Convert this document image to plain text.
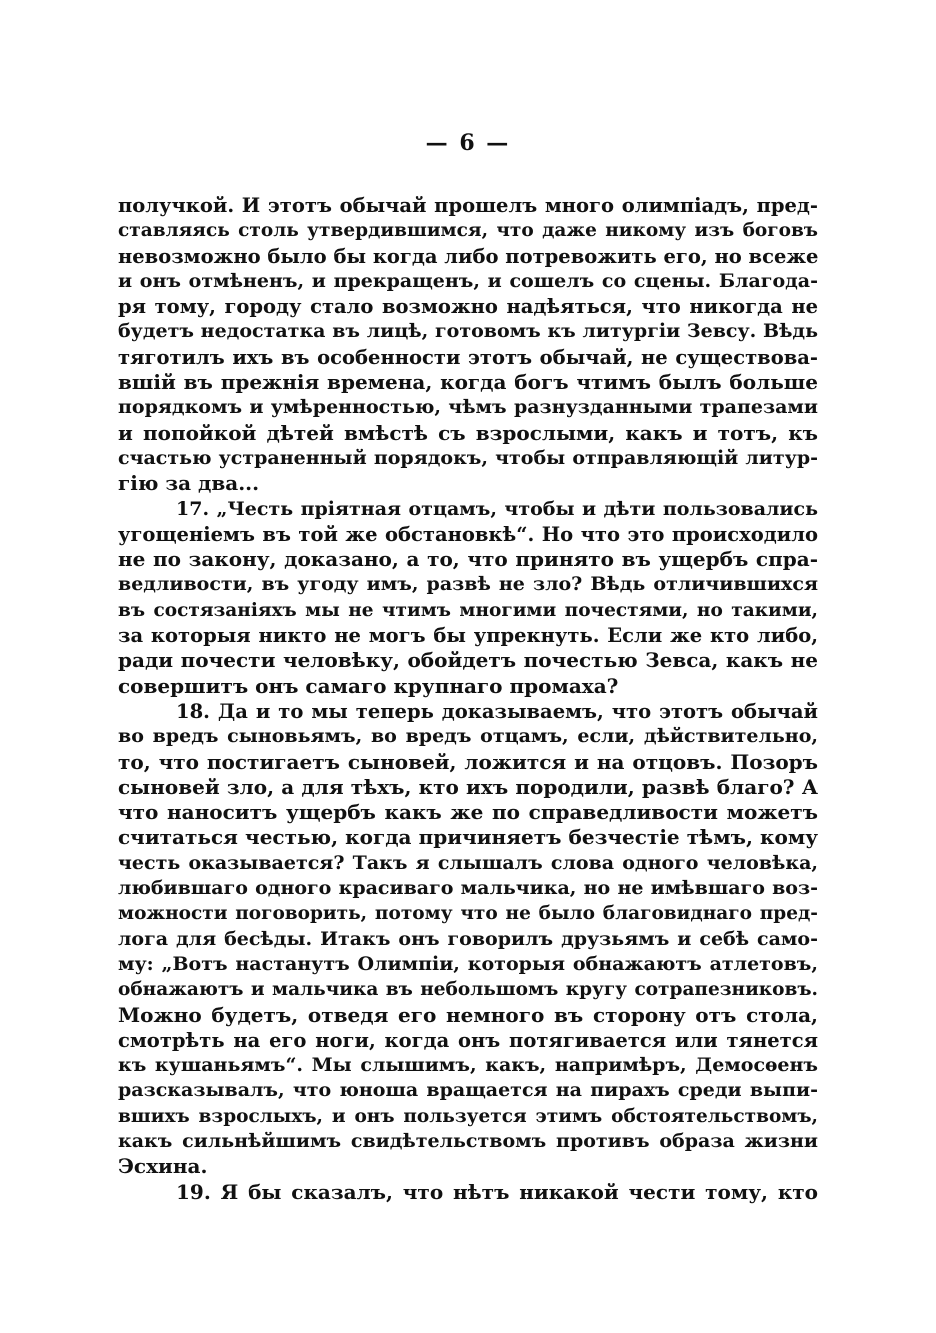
— 6 —
получкой. И этотъ обычай прошелъ много олимпіадъ, пред-
ставляясь столь утвердившимся, что даже никому изъ боговъ
невозможно было бы когда либо потревожить его, но всеже
и онъ отмѣненъ, и прекращенъ, и сошелъ со сцены. Благода-
ря тому, городу стало возможно надѣяться, что никогда не
будетъ недостатка въ лицѣ, готовомъ къ литургіи Зевсу. Вѣдь
тяготилъ ихъ въ особенности этотъ обычай, не существова-
вшій въ прежнія времена, когда богъ чтимъ былъ больше
порядкомъ и умѣренностью, чѣмъ разнузданными трапезами
и попойкой дѣтей вмѣстѣ съ взрослыми, какъ и тотъ, къ
счастью устраненный порядокъ, чтобы отправляющій литур-
гію за два...
17. „Честь пріятная отцамъ, чтобы и дѣти пользовались
угощеніемъ въ той же обстановкѣ“. Но что это происходило
не по закону, доказано, а то, что принято въ ущербъ спра-
ведливости, въ угоду имъ, развѣ не зло? Вѣдь отличившихся
въ состязаніяхъ мы не чтимъ многими почестями, но такими,
за которыя никто не могъ бы упрекнуть. Если же кто либо,
ради почести человѣку, обойдетъ почестью Зевса, какъ не
совершитъ онъ самаго крупнаго промаха?
18. Да и то мы теперь доказываемъ, что этотъ обычай
во вредъ сыновьямъ, во вредъ отцамъ, если, дѣйствительно,
то, что постигаетъ сыновей, ложится и на отцовъ. Позоръ
сыновей зло, а для тѣхъ, кто ихъ породили, развѣ благо? А
что наноситъ ущербъ какъ же по справедливости можетъ
считаться честью, когда причиняетъ безчестіе тѣмъ, кому
честь оказывается? Такъ я слышалъ слова одного человѣка,
любившаго одного красиваго мальчика, но не имѣвшаго воз-
можности поговорить, потому что не было благовиднаго пред-
лога для бесѣды. Итакъ онъ говорилъ друзьямъ и себѣ само-
му: „Вотъ настанутъ Олимпіи, которыя обнажаютъ атлетовъ,
обнажаютъ и мальчика въ небольшомъ кругу сотрапезниковъ.
Можно будетъ, отведя его немного въ сторону отъ стола,
смотрѣть на его ноги, когда онъ потягивается или тянется
къ кушаньямъ“. Мы слышимъ, какъ, напримѣръ, Демосѳенъ
разсказывалъ, что юноша вращается на пирахъ среди выпи-
вшихъ взрослыхъ, и онъ пользуется этимъ обстоятельствомъ,
какъ сильнѣйшимъ свидѣтельствомъ противъ образа жизни
Эсхина.
19. Я бы сказалъ, что нѣтъ никакой чести тому, кто
